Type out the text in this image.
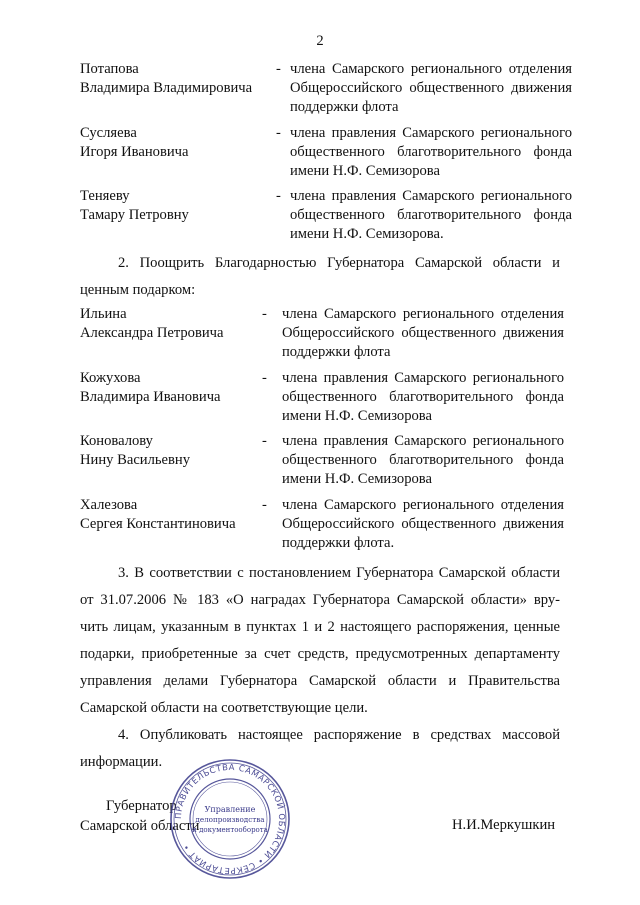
2
Потапова
Владимира Владимировича
- члена Самарского регионального отделения
Общероссийского общественного движения
поддержки флота
Сусляева
Игоря Ивановича
- члена правления Самарского регионального
общественного благотворительного фонда
имени Н.Ф. Семизорова
Теняеву
Тамару Петровну
- члена правления Самарского регионального
общественного благотворительного фонда
имени Н.Ф. Семизорова.
2. Поощрить Благодарностью Губернатора Самарской области и
ценным подарком:
Ильина
Александра Петровича
- члена Самарского регионального отделения
Общероссийского общественного движения
поддержки флота
Кожухова
Владимира Ивановича
- члена правления Самарского регионального
общественного благотворительного фонда
имени Н.Ф. Семизорова
Коновалову
Нину Васильевну
- члена правления Самарского регионального
общественного благотворительного фонда
имени Н.Ф. Семизорова
Халезова
Сергея Константиновича
- члена Самарского регионального отделения
Общероссийского общественного движения
поддержки флота.
3. В соответствии с постановлением Губернатора Самарской области
от 31.07.2006 № 183 «О наградах Губернатора Самарской области» вру-
чить лицам, указанным в пунктах 1 и 2 настоящего распоряжения, ценные
подарки, приобретенные за счет средств, предусмотренных департаменту
управления делами Губернатора Самарской области и Правительства
Самарской области на соответствующие цели.
4. Опубликовать настоящее распоряжение в средствах массовой
информации.
Губернатор
Самарской области	Н.И.Меркушкин
ПРАВИТЕЛЬСТВА САМАРСКОЙ ОБЛАСТИ • СЕКРЕТАРИАТ •
Управление
делопроизводства
и документооборота
